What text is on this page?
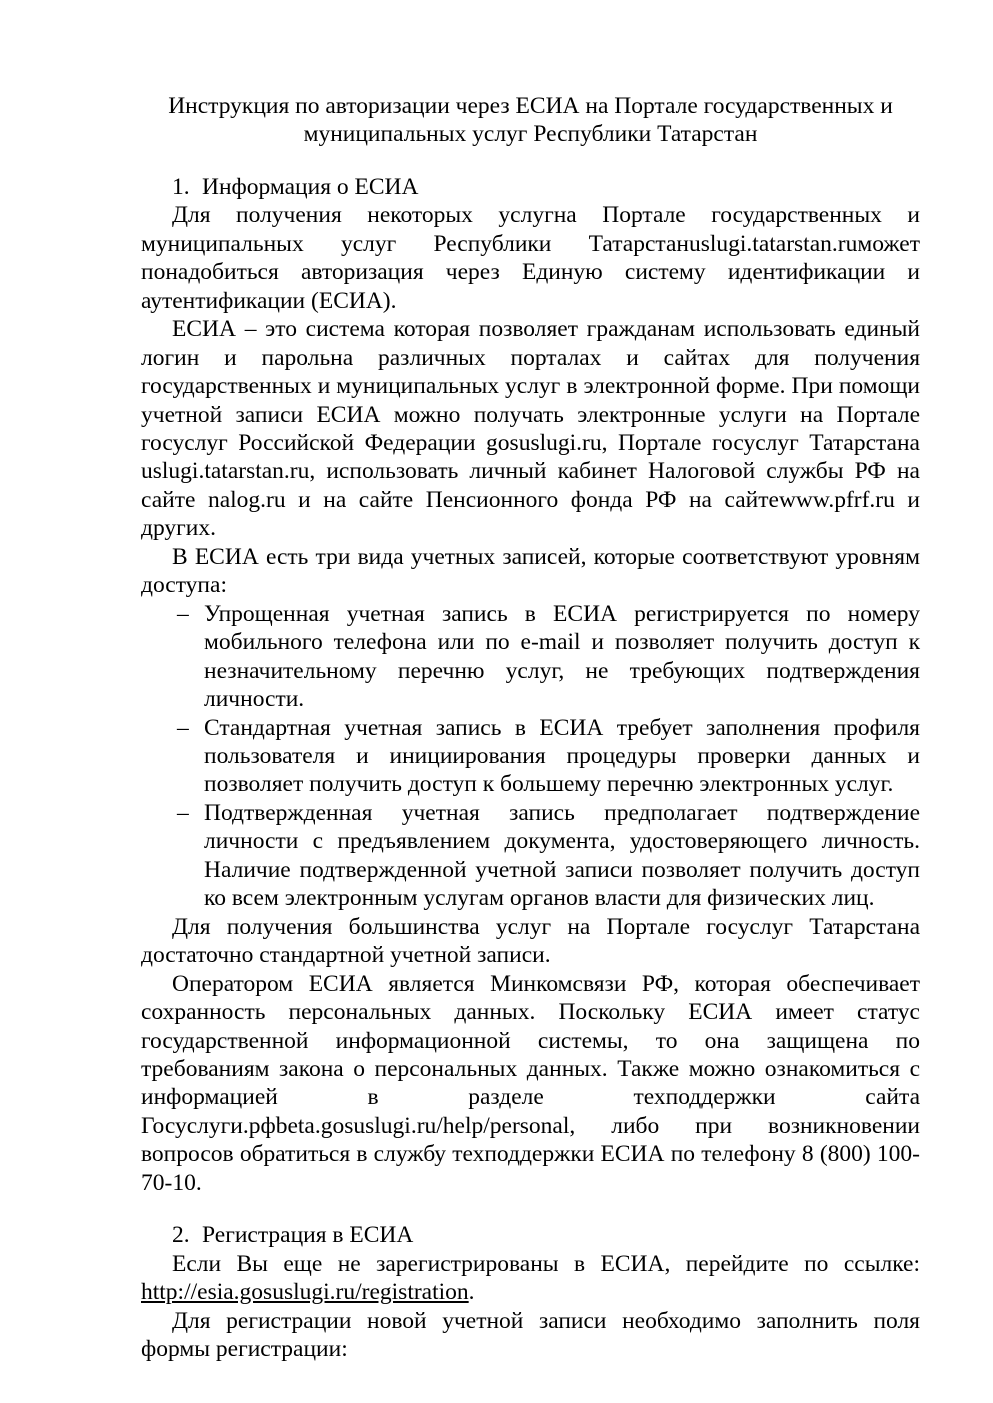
Инструкция по авторизации через ЕСИА на Портале государственных и муниципальных услуг Республики Татарстан

1. Информация о ЕСИА

Для получения некоторых услугна Портале государственных и муниципальных услуг Республики Татарстанuslugi.tatarstan.ruможет понадобиться авторизация через Единую систему идентификации и аутентификации (ЕСИА).

ЕСИА – это система которая позволяет гражданам использовать единый логин и парольна различных порталах и сайтах для получения государственных и муниципальных услуг в электронной форме. При помощи учетной записи ЕСИА можно получать электронные услуги на Портале госуслуг Российской Федерации gosuslugi.ru, Портале госуслуг Татарстана uslugi.tatarstan.ru, использовать личный кабинет Налоговой службы РФ на сайте nalog.ru и на сайте Пенсионного фонда РФ на сайтеwww.pfrf.ru и других.

В ЕСИА есть три вида учетных записей, которые соответствуют уровням доступа:

– Упрощенная учетная запись в ЕСИА регистрируется по номеру мобильного телефона или по e-mail и позволяет получить доступ к незначительному перечню услуг, не требующих подтверждения личности.
– Стандартная учетная запись в ЕСИА требует заполнения профиля пользователя и инициирования процедуры проверки данных и позволяет получить доступ к большему перечню электронных услуг.
– Подтвержденная учетная запись предполагает подтверждение личности с предъявлением документа, удостоверяющего личность. Наличие подтвержденной учетной записи позволяет получить доступ ко всем электронным услугам органов власти для физических лиц.

Для получения большинства услуг на Портале госуслуг Татарстана достаточно стандартной учетной записи.

Оператором ЕСИА является Минкомсвязи РФ, которая обеспечивает сохранность персональных данных. Поскольку ЕСИА имеет статус государственной информационной системы, то она защищена по требованиям закона о персональных данных. Также можно ознакомиться с информацией в разделе техподдержки сайта Госуслуги.рфbeta.gosuslugi.ru/help/personal, либо при возникновении вопросов обратиться в службу техподдержки ЕСИА по телефону 8 (800) 100-70-10.

2. Регистрация в ЕСИА

Если Вы еще не зарегистрированы в ЕСИА, перейдите по ссылке: http://esia.gosuslugi.ru/registration.

Для регистрации новой учетной записи необходимо заполнить поля формы регистрации:
